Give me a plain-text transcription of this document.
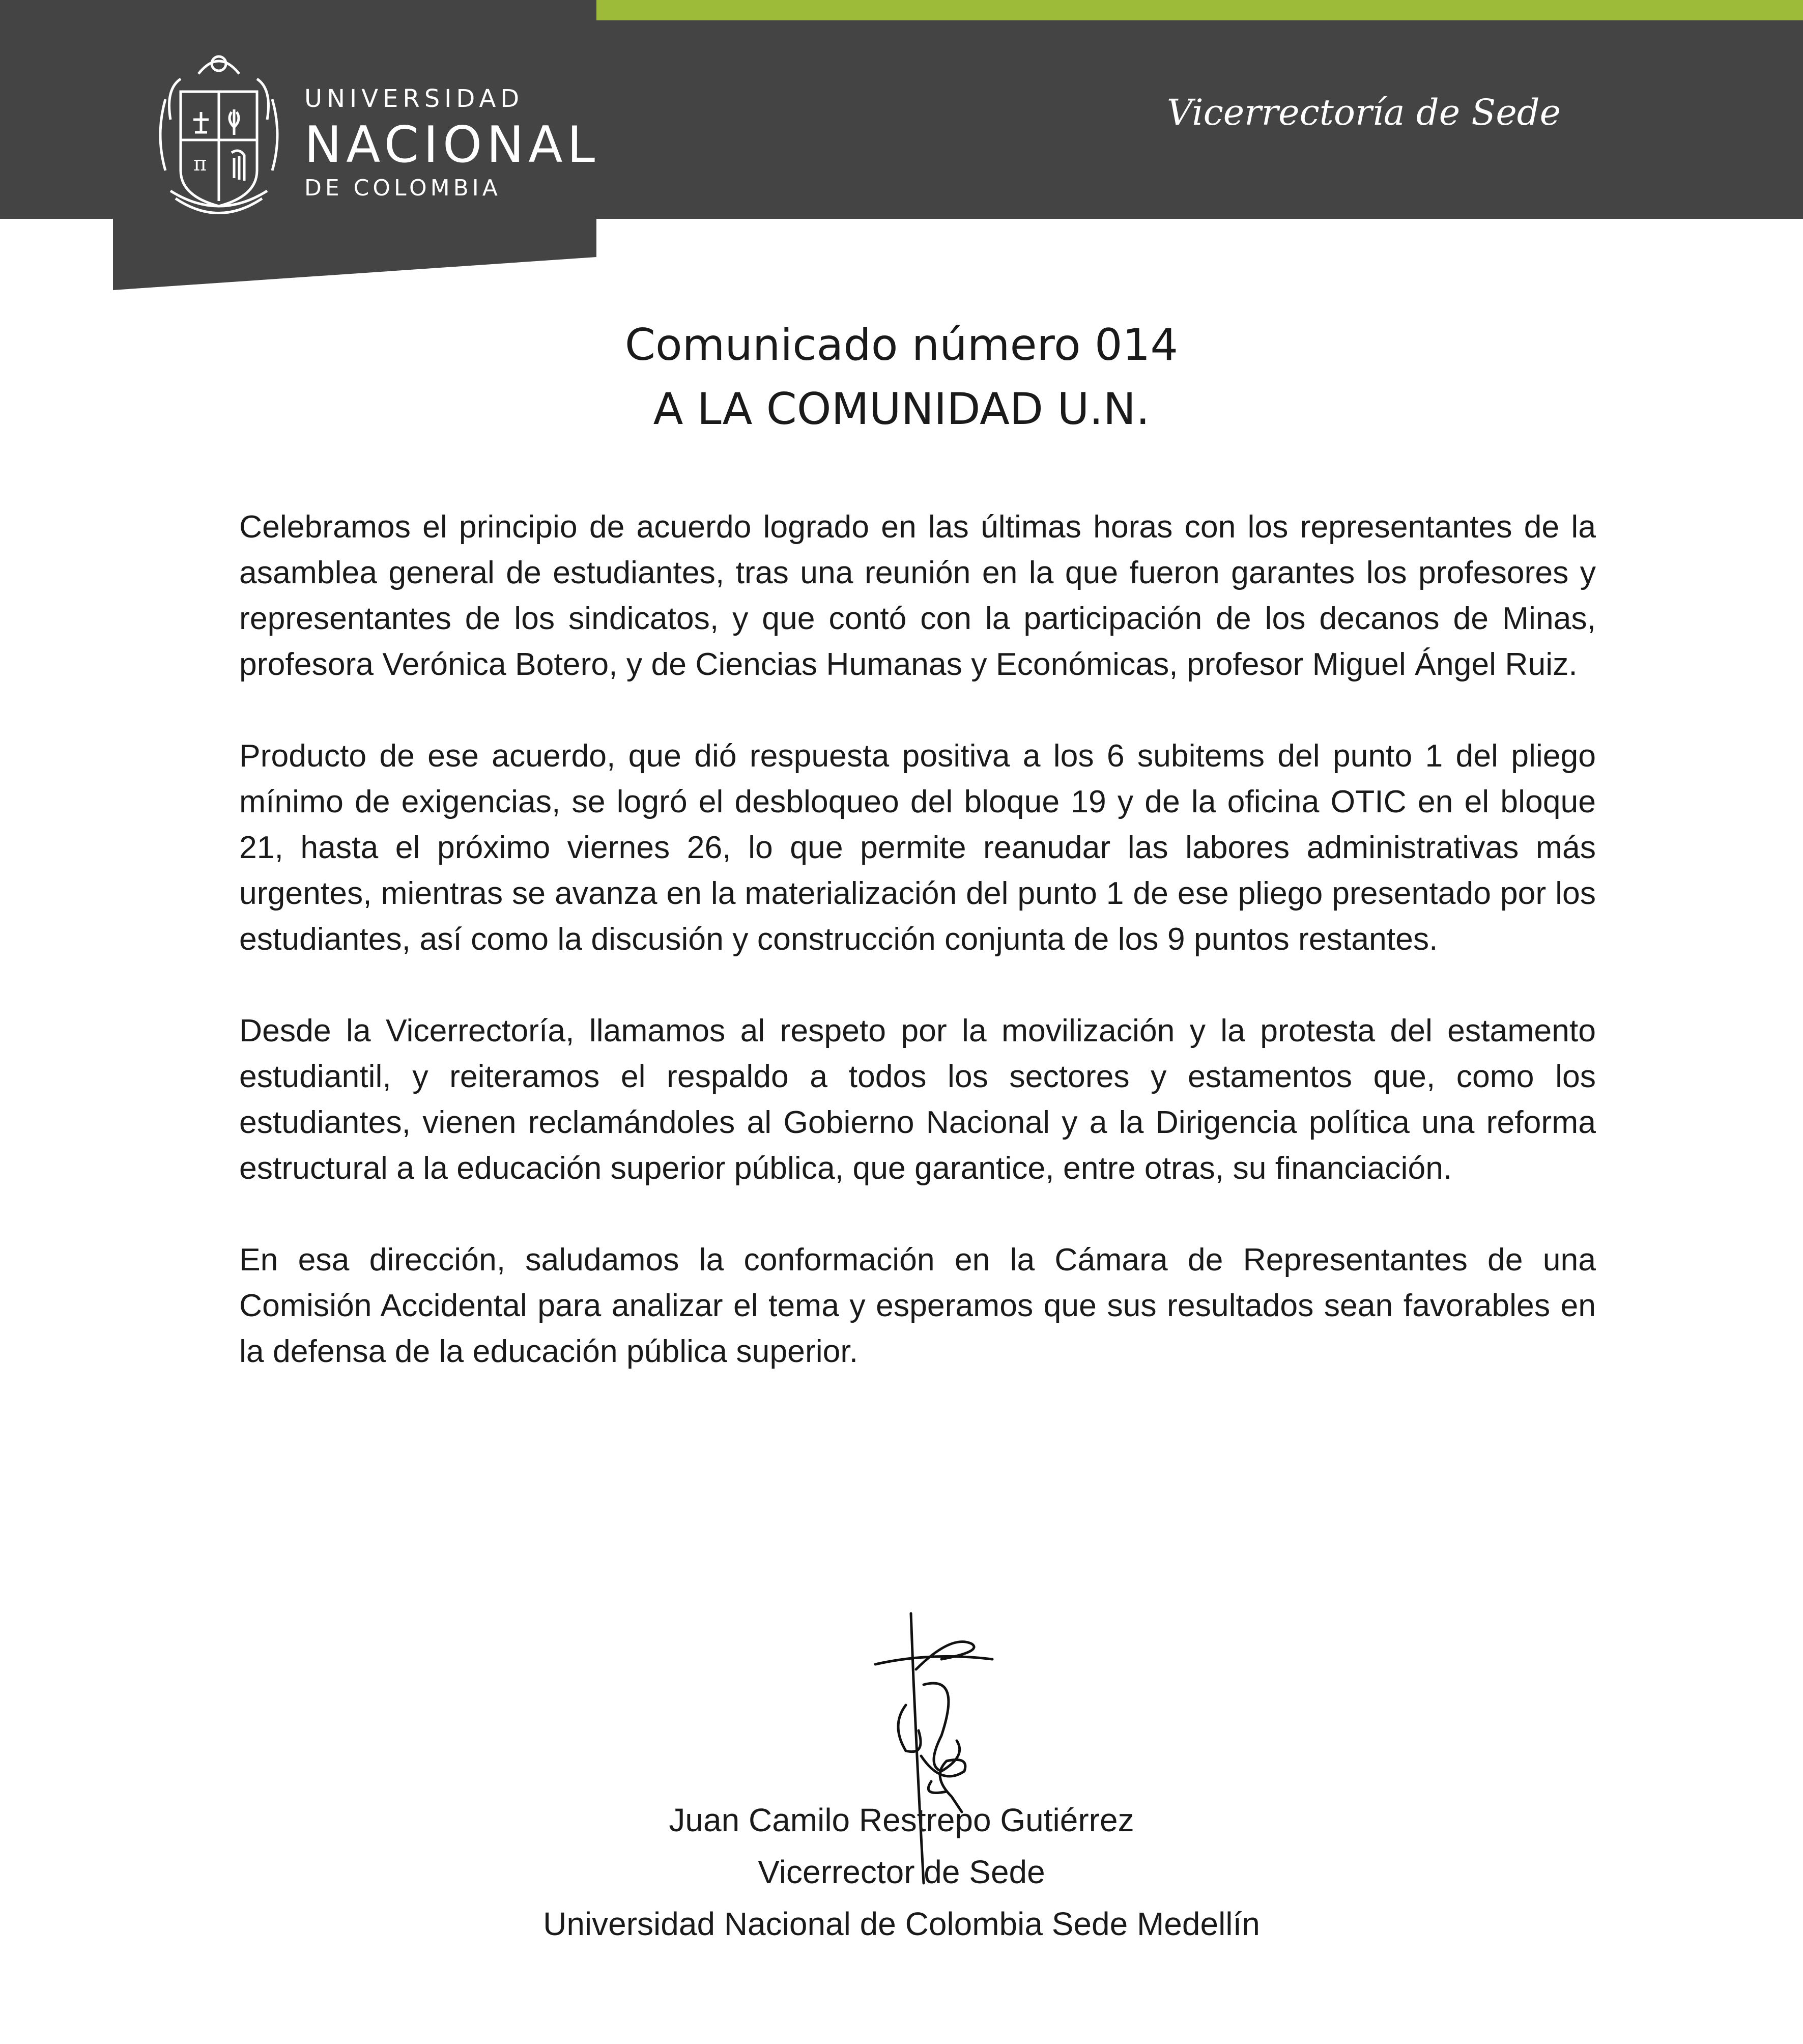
π
UNIVERSIDAD
NACIONAL
DE COLOMBIA
Vicerrectoría de Sede
Comunicado número 014
A LA COMUNIDAD U.N.

Celebramos el principio de acuerdo logrado en las últimas horas con los representantes de la asamblea general de estudiantes, tras una reunión en la que fueron garantes los profesores y representantes de los sindicatos, y que contó con la participación de los decanos de Minas, profesora Verónica Botero, y de Ciencias Humanas y Económicas, profesor Miguel Ángel Ruiz.

Producto de ese acuerdo, que dió respuesta positiva a los 6 subitems del punto 1 del pliego mínimo de exigencias, se logró el desbloqueo del bloque 19 y de la oficina OTIC en el bloque 21, hasta el próximo viernes 26, lo que permite reanudar las labores administrativas más urgentes, mientras se avanza en la materialización del punto 1 de ese pliego presentado por los estudiantes, así como la discusión y construcción conjunta de los 9 puntos restantes.

Desde la Vicerrectoría, llamamos al respeto por la movilización y la protesta del estamento estudiantil, y reiteramos el respaldo a todos los sectores y estamentos que, como los estudiantes, vienen reclamándoles al Gobierno Nacional y a la Dirigencia política una reforma estructural a la educación superior pública, que garantice, entre otras, su financiación.

En esa dirección, saludamos la conformación en la Cámara de Representantes de una Comisión Accidental para analizar el tema y esperamos que sus resultados sean favorables en la defensa de la educación pública superior.

Juan Camilo Restrepo Gutiérrez
Vicerrector de Sede
Universidad Nacional de Colombia Sede Medellín
